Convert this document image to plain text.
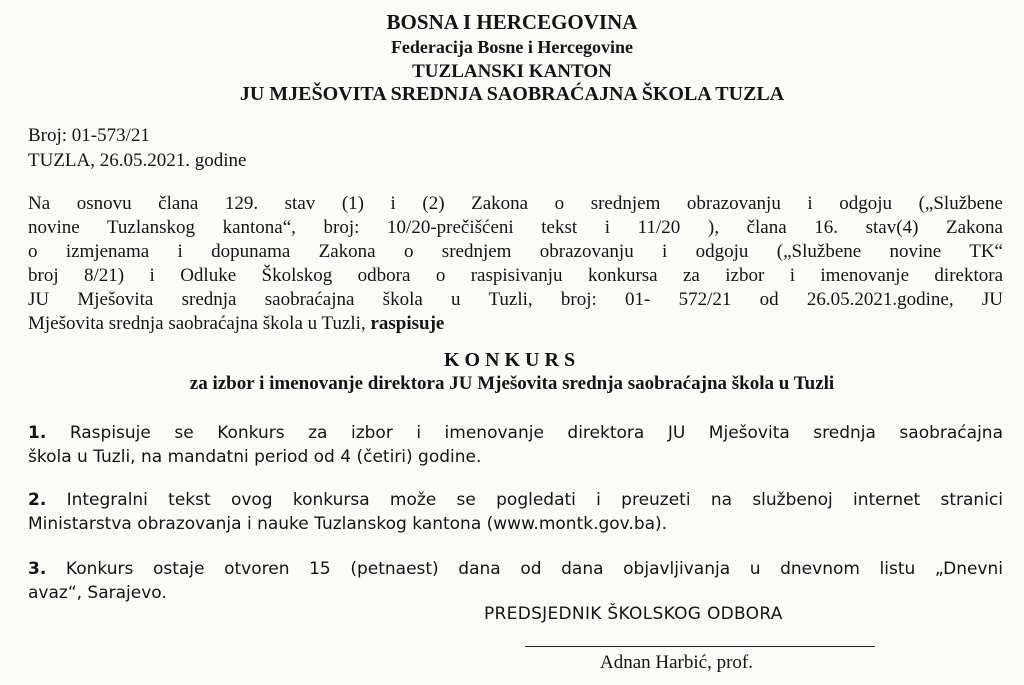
BOSNA I HERCEGOVINA
Federacija Bosne i Hercegovine
TUZLANSKI KANTON
JU MJEŠOVITA SREDNJA SAOBRAĆAJNA ŠKOLA TUZLA
Broj: 01-573/21
TUZLA, 26.05.2021. godine
Na osnovu člana 129. stav (1) i (2) Zakona o srednjem obrazovanju i odgoju („Službene
novine Tuzlanskog kantona“, broj: 10/20-prečišćeni tekst i 11/20 ), člana 16. stav(4) Zakona
o izmjenama i dopunama Zakona o srednjem obrazovanju i odgoju („Službene novine TK“
broj 8/21) i Odluke Školskog odbora o raspisivanju konkursa za izbor i imenovanje direktora
JU Mješovita srednja saobraćajna škola u Tuzli, broj: 01- 572/21 od 26.05.2021.godine, JU
Mješovita srednja saobraćajna škola u Tuzli, raspisuje
KONKURS
za izbor i imenovanje direktora JU Mješovita srednja saobraćajna škola u Tuzli
1. Raspisuje se Konkurs za izbor i imenovanje direktora JU Mješovita srednja saobraćajna
škola u Tuzli, na mandatni period od 4 (četiri) godine.
2. Integralni tekst ovog konkursa može se pogledati i preuzeti na službenoj internet stranici
Ministarstva obrazovanja i nauke Tuzlanskog kantona (www.montk.gov.ba).
3. Konkurs ostaje otvoren 15 (petnaest) dana od dana objavljivanja u dnevnom listu „Dnevni
avaz“, Sarajevo.
PREDSJEDNIK ŠKOLSKOG ODBORA
Adnan Harbić, prof.
